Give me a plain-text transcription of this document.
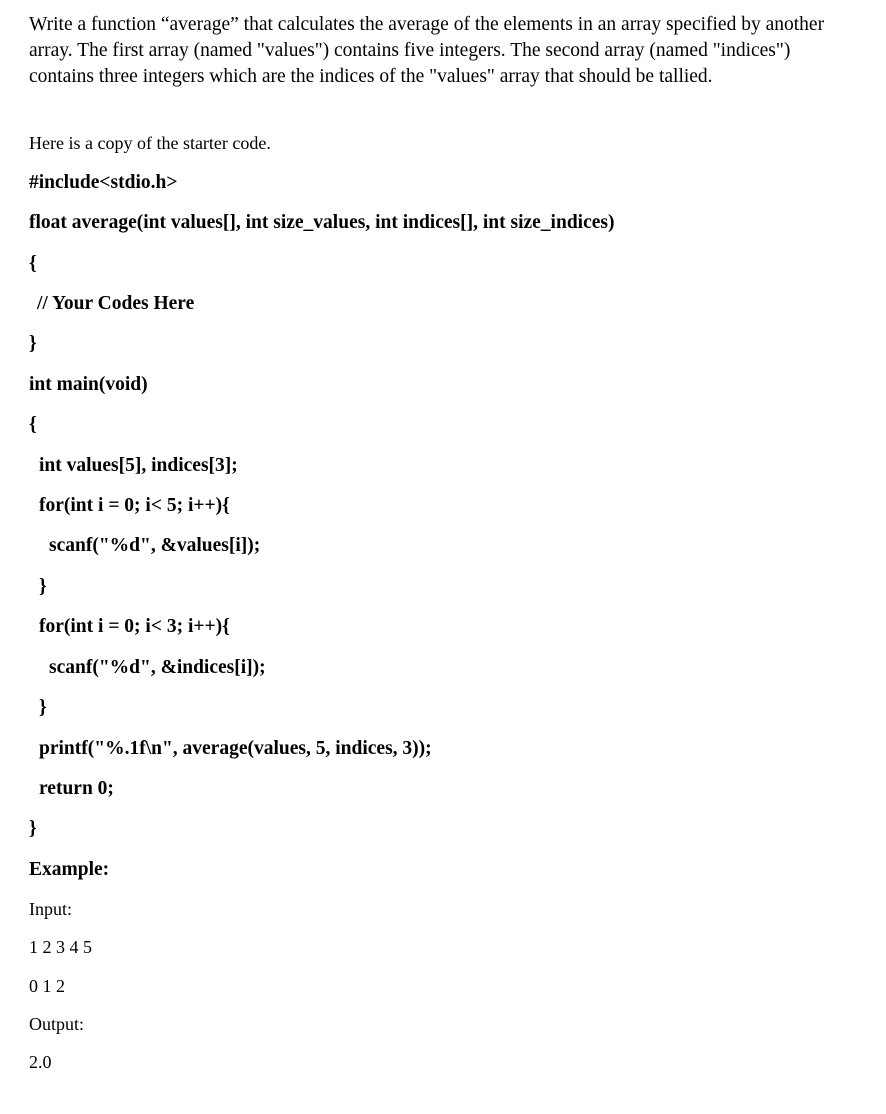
Write a function “average” that calculates the average of the elements in an array specified by another array. The first array (named "values") contains five integers. The second array (named "indices") contains three integers which are the indices of the "values" array that should be tallied.

Here is a copy of the starter code.
#include<stdio.h>
float average(int values[], int size_values, int indices[], int size_indices)
{
// Your Codes Here
}
int main(void)
{
int values[5], indices[3];
for(int i = 0; i< 5; i++){
scanf("%d", &values[i]);
}
for(int i = 0; i< 3; i++){
scanf("%d", &indices[i]);
}
printf("%.1f\n", average(values, 5, indices, 3));
return 0;
}
Example:
Input:
1 2 3 4 5
0 1 2
Output:
2.0
